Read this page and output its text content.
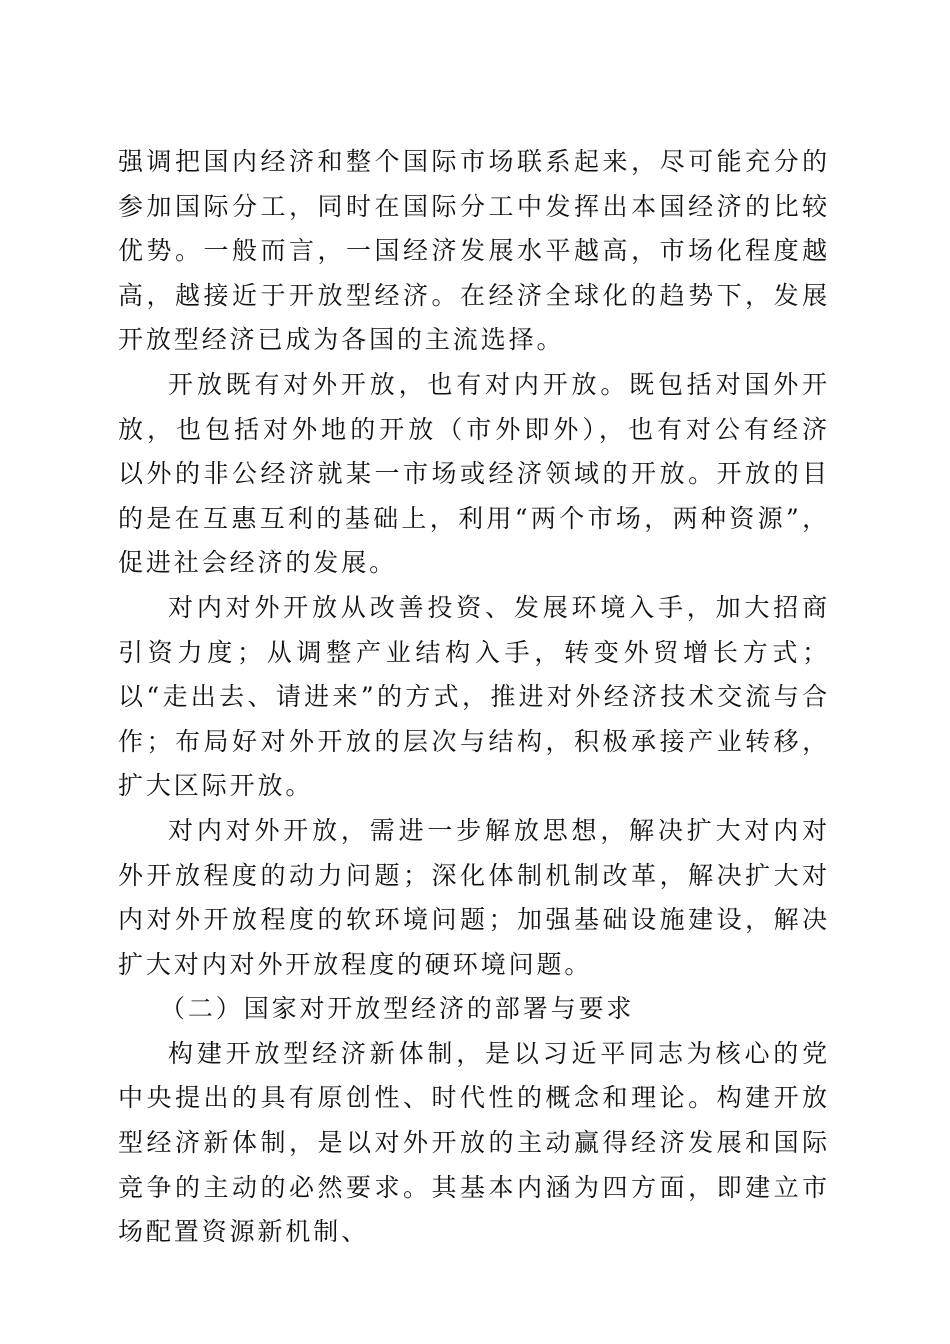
强调把国内经济和整个国际市场联系起来，尽可能充分的参加国际分工，同时在国际分工中发挥出本国经济的比较优势。一般而言，一国经济发展水平越高，市场化程度越高，越接近于开放型经济。在经济全球化的趋势下，发展开放型经济已成为各国的主流选择。

开放既有对外开放，也有对内开放。既包括对国外开放，也包括对外地的开放（市外即外），也有对公有经济以外的非公经济就某一市场或经济领域的开放。开放的目的是在互惠互利的基础上，利用“两个市场，两种资源”，促进社会经济的发展。

对内对外开放从改善投资、发展环境入手，加大招商引资力度；从调整产业结构入手，转变外贸增长方式；以“走出去、请进来”的方式，推进对外经济技术交流与合作；布局好对外开放的层次与结构，积极承接产业转移，扩大区际开放。

对内对外开放，需进一步解放思想，解决扩大对内对外开放程度的动力问题；深化体制机制改革，解决扩大对内对外开放程度的软环境问题；加强基础设施建设，解决扩大对内对外开放程度的硬环境问题。

（二）国家对开放型经济的部署与要求

构建开放型经济新体制，是以习近平同志为核心的党中央提出的具有原创性、时代性的概念和理论。构建开放型经济新体制，是以对外开放的主动赢得经济发展和国际竞争的主动的必然要求。其基本内涵为四方面，即建立市场配置资源新机制、
